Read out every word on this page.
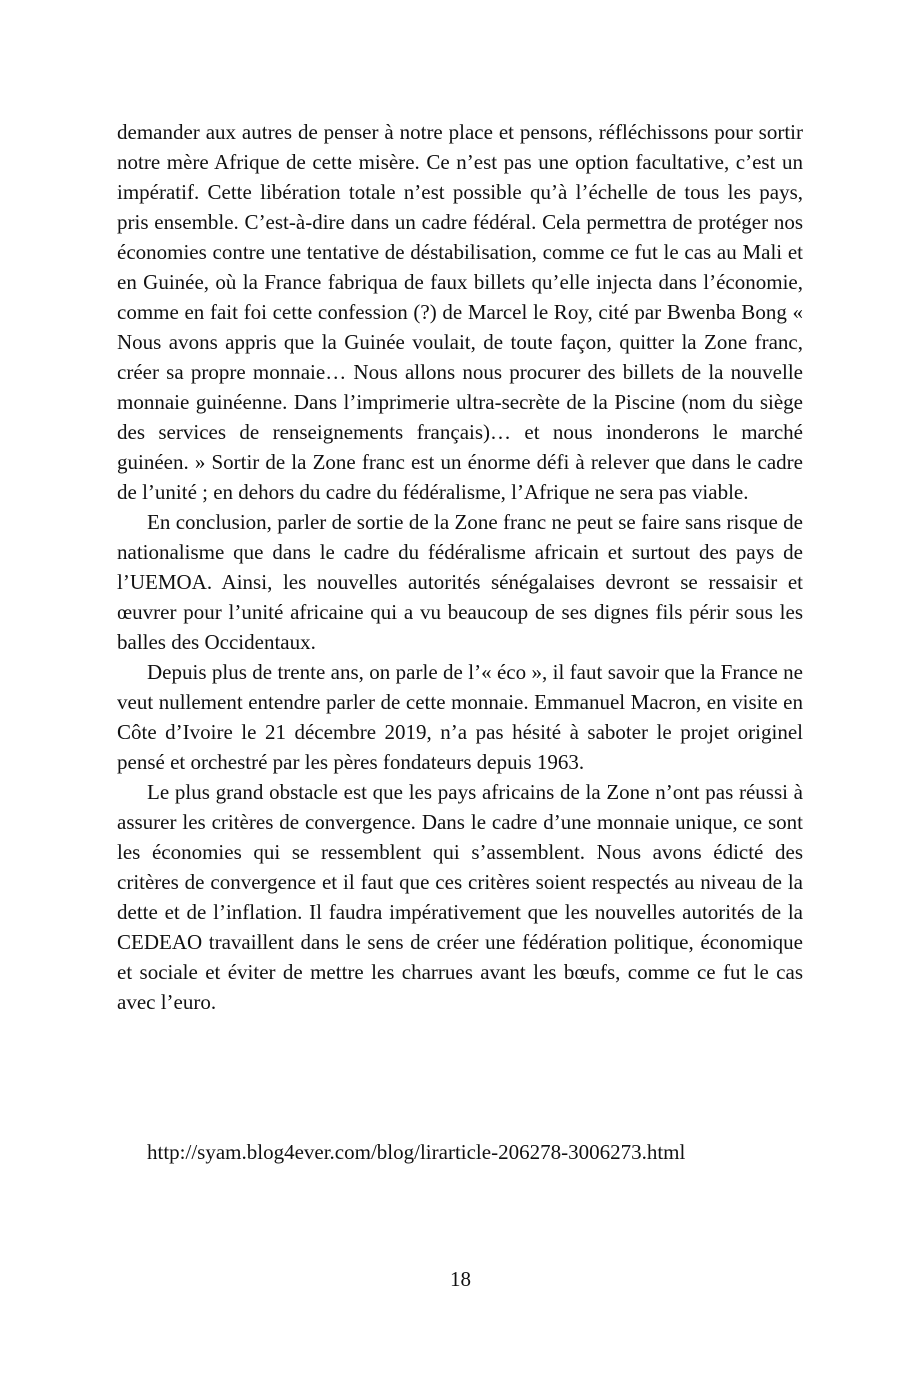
demander aux autres de penser à notre place et pensons, réfléchissons pour sortir notre mère Afrique de cette misère. Ce n’est pas une option facultative, c’est un impératif. Cette libération totale n’est possible qu’à l’échelle de tous les pays, pris ensemble. C’est-à-dire dans un cadre fédéral. Cela permettra de protéger nos économies contre une tentative de déstabilisation, comme ce fut le cas au Mali et en Guinée, où la France fabriqua de faux billets qu’elle injecta dans l’économie, comme en fait foi cette confession (?) de Marcel le Roy, cité par Bwenba Bong « Nous avons appris que la Guinée voulait, de toute façon, quitter la Zone franc, créer sa propre monnaie… Nous allons nous procurer des billets de la nouvelle monnaie guinéenne. Dans l’imprimerie ultra-secrète de la Piscine (nom du siège des services de renseignements français)… et nous inonderons le marché guinéen. » Sortir de la Zone franc est un énorme défi à relever que dans le cadre de l’unité ; en dehors du cadre du fédéralisme, l’Afrique ne sera pas viable.

En conclusion, parler de sortie de la Zone franc ne peut se faire sans risque de nationalisme que dans le cadre du fédéralisme africain et surtout des pays de l’UEMOA. Ainsi, les nouvelles autorités sénégalaises devront se ressaisir et œuvrer pour l’unité africaine qui a vu beaucoup de ses dignes fils périr sous les balles des Occidentaux.

Depuis plus de trente ans, on parle de l’« éco », il faut savoir que la France ne veut nullement entendre parler de cette monnaie. Emmanuel Macron, en visite en Côte d’Ivoire le 21 décembre 2019, n’a pas hésité à saboter le projet originel pensé et orchestré par les pères fondateurs depuis 1963.

Le plus grand obstacle est que les pays africains de la Zone n’ont pas réussi à assurer les critères de convergence. Dans le cadre d’une monnaie unique, ce sont les économies qui se ressemblent qui s’assemblent. Nous avons édicté des critères de convergence et il faut que ces critères soient respectés au niveau de la dette et de l’inflation. Il faudra impérativement que les nouvelles autorités de la CEDEAO travaillent dans le sens de créer une fédération politique, économique et sociale et éviter de mettre les charrues avant les bœufs, comme ce fut le cas avec l’euro.

http://syam.blog4ever.com/blog/lirarticle-206278-3006273.html
18
